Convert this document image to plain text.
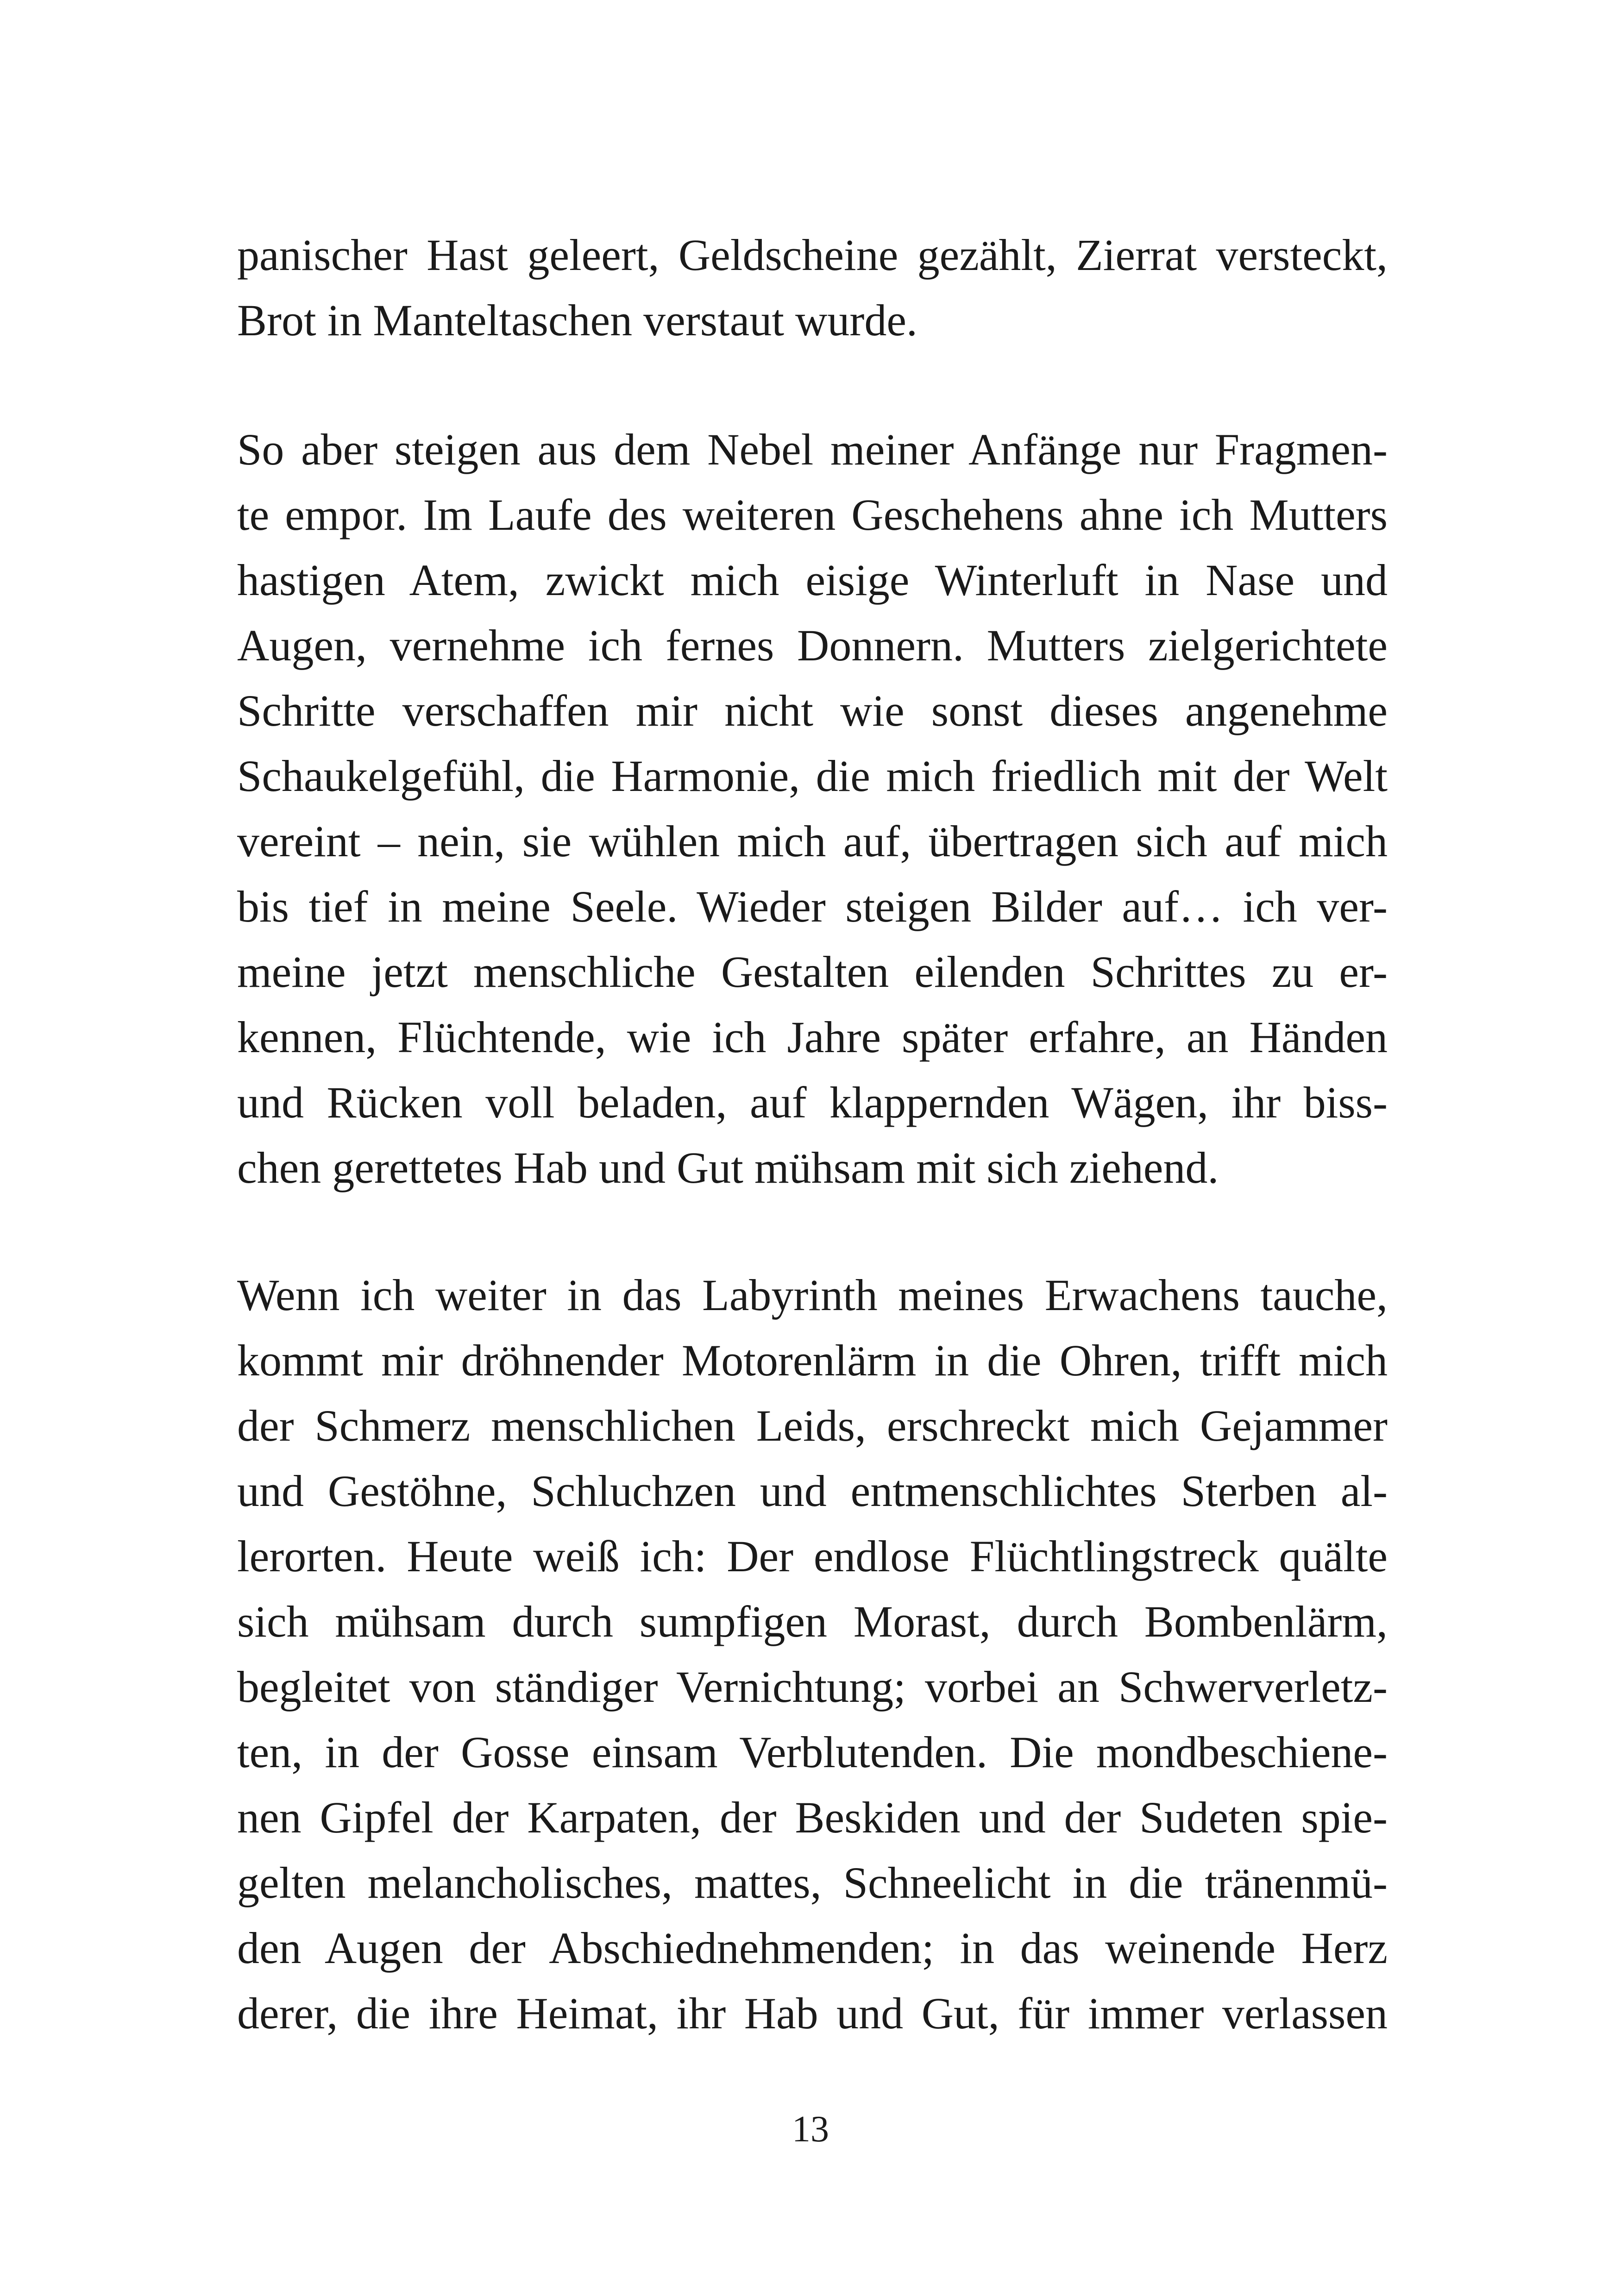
panischer Hast geleert, Geldscheine gezählt, Zierrat versteckt,
Brot in Manteltaschen verstaut wurde.
So aber steigen aus dem Nebel meiner Anfänge nur Fragmen-
te empor. Im Laufe des weiteren Geschehens ahne ich Mutters
hastigen Atem, zwickt mich eisige Winterluft in Nase und
Augen, vernehme ich fernes Donnern. Mutters zielgerichtete
Schritte verschaffen mir nicht wie sonst dieses angenehme
Schaukelgefühl, die Harmonie, die mich friedlich mit der Welt
vereint – nein, sie wühlen mich auf, übertragen sich auf mich
bis tief in meine Seele. Wieder steigen Bilder auf… ich ver-
meine jetzt menschliche Gestalten eilenden Schrittes zu er-
kennen, Flüchtende, wie ich Jahre später erfahre, an Händen
und Rücken voll beladen, auf klappernden Wägen, ihr biss-
chen gerettetes Hab und Gut mühsam mit sich ziehend.
Wenn ich weiter in das Labyrinth meines Erwachens tauche,
kommt mir dröhnender Motorenlärm in die Ohren, trifft mich
der Schmerz menschlichen Leids, erschreckt mich Gejammer
und Gestöhne, Schluchzen und entmenschlichtes Sterben al-
lerorten. Heute weiß ich: Der endlose Flüchtlingstreck quälte
sich mühsam durch sumpfigen Morast, durch Bombenlärm,
begleitet von ständiger Vernichtung; vorbei an Schwerverletz-
ten, in der Gosse einsam Verblutenden. Die mondbeschiene-
nen Gipfel der Karpaten, der Beskiden und der Sudeten spie-
gelten melancholisches, mattes, Schneelicht in die tränenmü-
den Augen der Abschiednehmenden; in das weinende Herz
derer, die ihre Heimat, ihr Hab und Gut, für immer verlassen
13
